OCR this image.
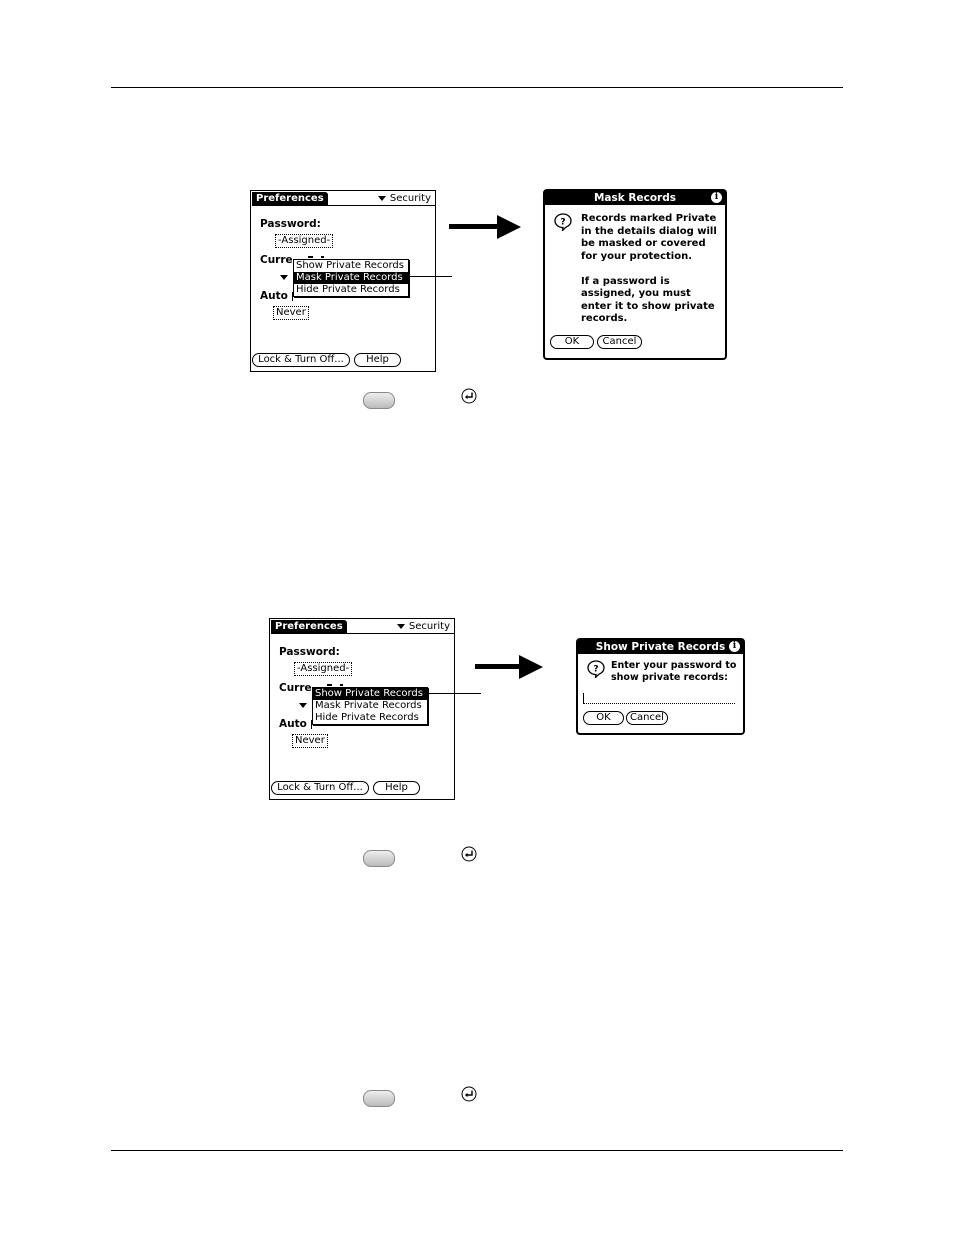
Preferences	Security
Password:
-Assigned-
Curre
Auto
Never
Show Private Records
Mask Private Records
Hide Private Records
Lock & Turn Off...	Help
Mask Records	i
? Records marked Private
in the details dialog will
be masked or covered
for your protection.
If a password is
assigned, you must
enter it to show private
records.
OK	Cancel
Preferences	Security
Password:
-Assigned-
Curre
Auto
Never
Show Private Records
Mask Private Records
Hide Private Records
Lock & Turn Off...	Help
Show Private Records i
? Enter your password to
show private records:
OK	Cancel
